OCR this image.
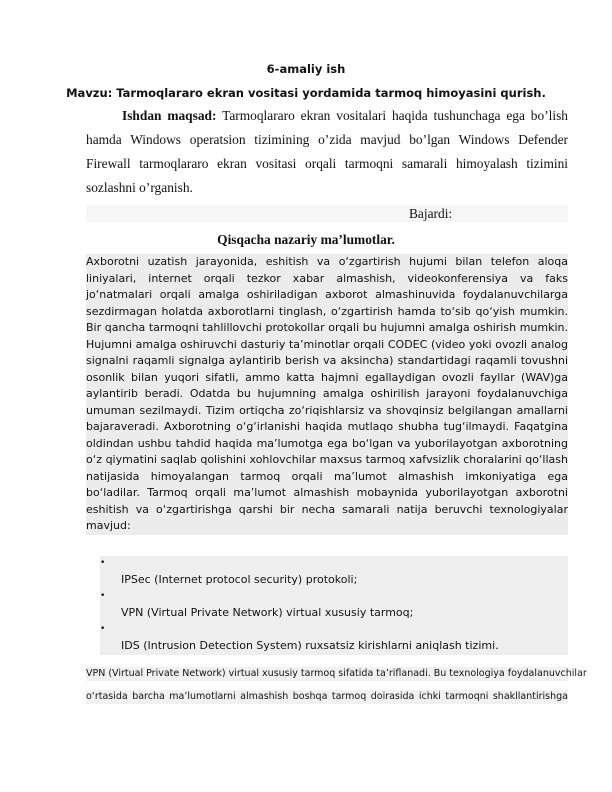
6-amaliy ish
Mavzu: Tarmoqlararo ekran vositasi yordamida tarmoq himoyasini qurish.

Ishdan maqsad: Tarmoqlararo ekran vositalari haqida tushunchaga ega bo’lish hamda Windows operatsion tizimining o’zida mavjud bo’lgan Windows Defender Firewall tarmoqlararo ekran vositasi orqali tarmoqni samarali himoyalash tizimini sozlashni o’rganish.

Bajardi:
Qisqacha nazariy ma’lumotlar.

Axborotni uzatish jarayonida, eshitish va o‘zgartirish hujumi bilan telefon aloqa liniyalari, internet orqali tezkor xabar almashish, videokonferensiya va faks jo‘natmalari orqali amalga oshiriladigan axborot almashinuvida foydalanuvchilarga sezdirmagan holatda axborotlarni tinglash, o‘zgartirish hamda to‘sib qo‘yish mumkin. Bir qancha tarmoqni tahlillovchi protokollar orqali bu hujumni amalga oshirish mumkin. Hujumni amalga oshiruvchi dasturiy ta’minotlar orqali CODEC (video yoki ovozli analog signalni raqamli signalga aylantirib berish va aksincha) standartidagi raqamli tovushni osonlik bilan yuqori sifatli, ammo katta hajmni egallaydigan ovozli fayllar (WAV)ga aylantirib beradi. Odatda bu hujumning amalga oshirilish jarayoni foydalanuvchiga umuman sezilmaydi. Tizim ortiqcha zo‘riqishlarsiz va shovqinsiz belgilangan amallarni bajaraveradi. Axborotning o‘g‘irlanishi haqida mutlaqo shubha tug‘ilmaydi. Faqatgina oldindan ushbu tahdid haqida ma’lumotga ega bo‘lgan va yuborilayotgan axborotning o‘z qiymatini saqlab qolishini xohlovchilar maxsus tarmoq xafvsizlik choralarini qo‘llash natijasida himoyalangan tarmoq orqali ma’lumot almashish imkoniyatiga ega bo‘ladilar. Tarmoq orqali ma’lumot almashish mobaynida yuborilayotgan axborotni eshitish va o‘zgartirishga qarshi bir necha samarali natija beruvchi texnologiyalar mavjud:

•
IPSec (Internet protocol security) protokoli;
•
VPN (Virtual Private Network) virtual xususiy tarmoq;
•
IDS (Intrusion Detection System) ruxsatsiz kirishlarni aniqlash tizimi.
VPN (Virtual Private Network) virtual xususiy tarmoq sifatida ta’riflanadi. Bu texnologiya foydalanuvchilar
o‘rtasida barcha ma’lumotlarni almashish boshqa tarmoq doirasida ichki tarmoqni shakllantirishga
